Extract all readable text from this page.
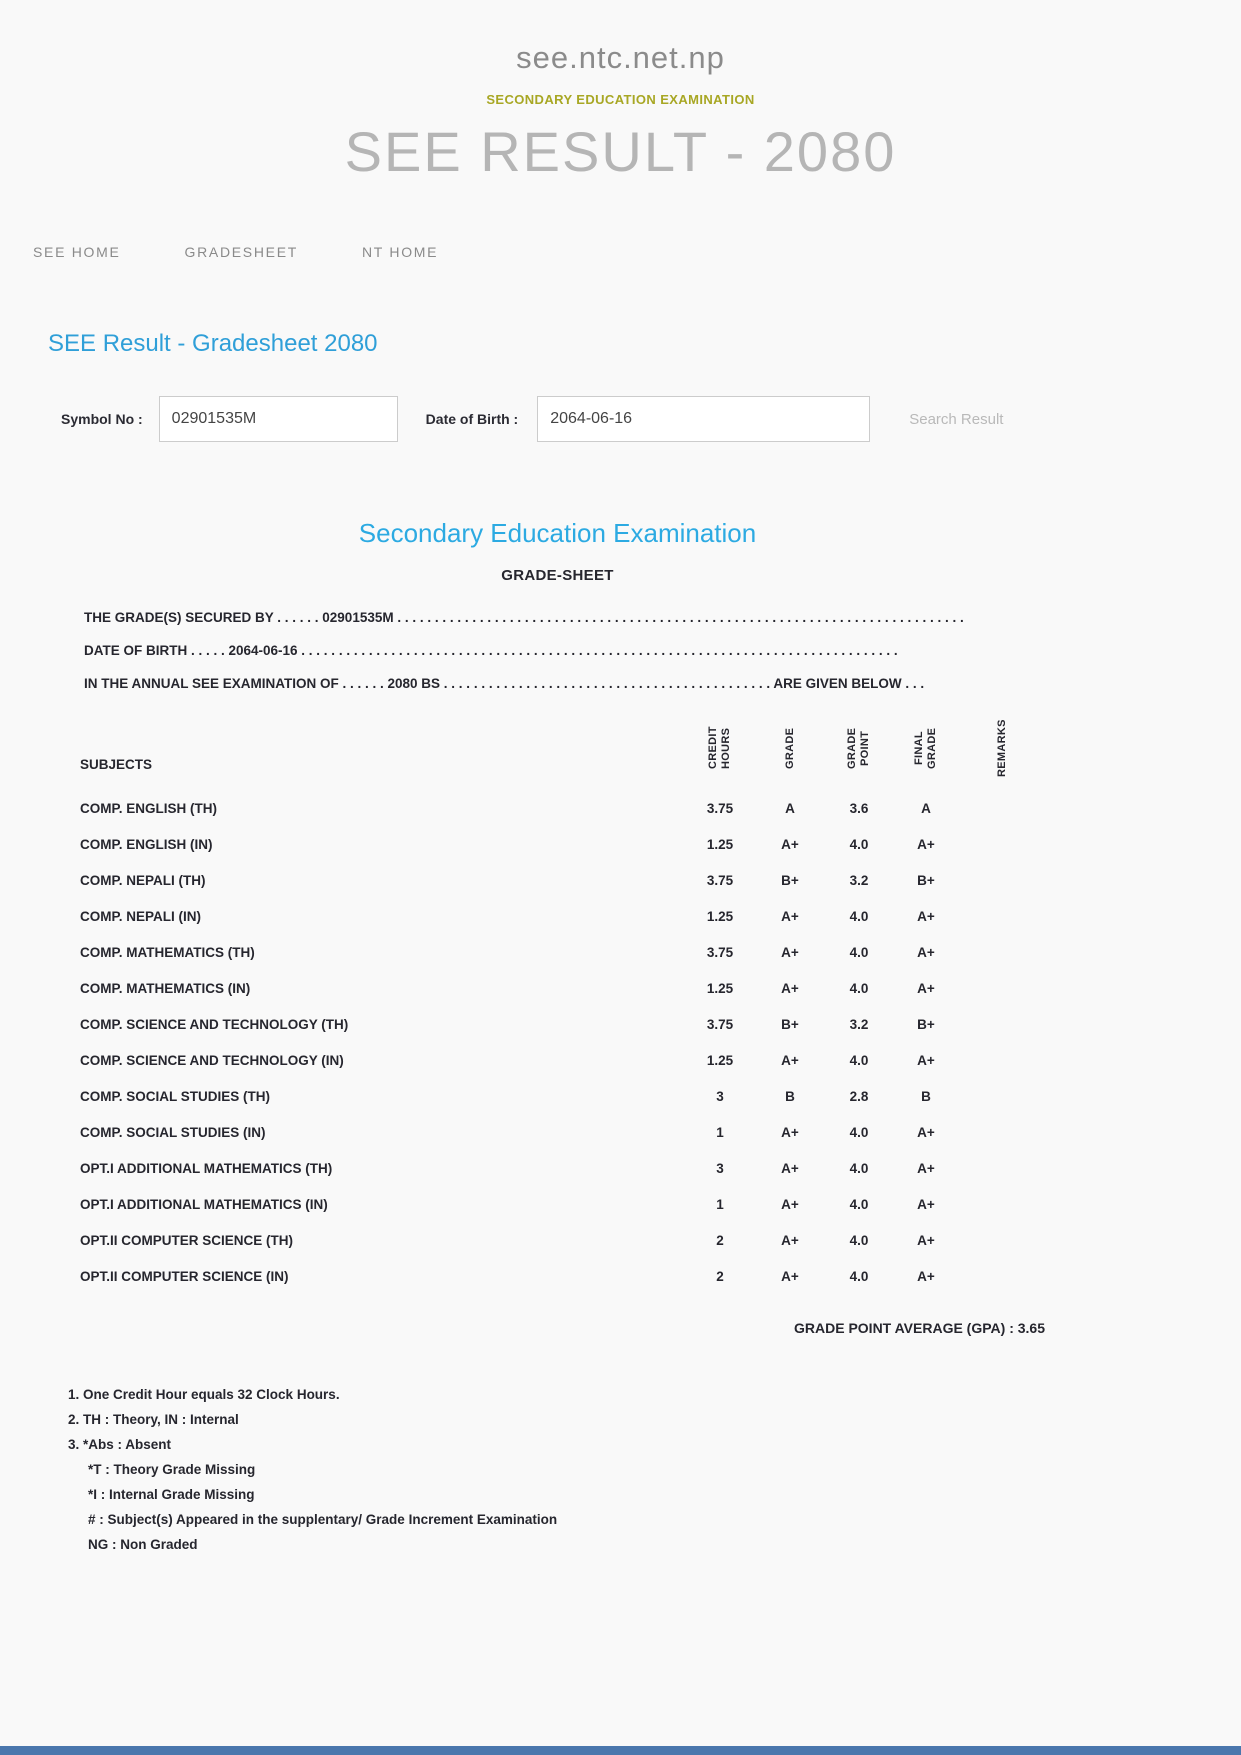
see.ntc.net.np
SECONDARY EDUCATION EXAMINATION
SEE RESULT - 2080
SEE HOME	GRADESHEET	NT HOME
SEE Result - Gradesheet 2080
Symbol No :
02901535M	Date of Birth :
2064-06-16	Search Result
Secondary Education Examination
GRADE-SHEET
THE GRADE(S) SECURED BY . . . . . . 02901535M . . . . . . . . . . . . . . . . . . . . . . . . . . . . . . . . . . . . . . . . . . . . . . . . . . . . . . . . . . . . . . . . . . . . . . . . . . . .
DATE OF BIRTH . . . . . 2064-06-16 . . . . . . . . . . . . . . . . . . . . . . . . . . . . . . . . . . . . . . . . . . . . . . . . . . . . . . . . . . . . . . . . . . . . . . . . . . . . . . . .
IN THE ANNUAL SEE EXAMINATION OF . . . . . . 2080 BS . . . . . . . . . . . . . . . . . . . . . . . . . . . . . . . . . . . . . . . . . . . . ARE GIVEN BELOW . . .
SUBJECTS	CREDIT HOURS	GRADE	GRADE POINT	FINAL GRADE	REMARKS
COMP. ENGLISH (TH)	3.75	A	3.6	A	
COMP. ENGLISH (IN)	1.25	A+	4.0	A+	
COMP. NEPALI (TH)	3.75	B+	3.2	B+	
COMP. NEPALI (IN)	1.25	A+	4.0	A+	
COMP. MATHEMATICS (TH)	3.75	A+	4.0	A+	
COMP. MATHEMATICS (IN)	1.25	A+	4.0	A+	
COMP. SCIENCE AND TECHNOLOGY (TH)	3.75	B+	3.2	B+	
COMP. SCIENCE AND TECHNOLOGY (IN)	1.25	A+	4.0	A+	
COMP. SOCIAL STUDIES (TH)	3	B	2.8	B	
COMP. SOCIAL STUDIES (IN)	1	A+	4.0	A+	
OPT.I ADDITIONAL MATHEMATICS (TH)	3	A+	4.0	A+	
OPT.I ADDITIONAL MATHEMATICS (IN)	1	A+	4.0	A+	
OPT.II COMPUTER SCIENCE (TH)	2	A+	4.0	A+	
OPT.II COMPUTER SCIENCE (IN)	2	A+	4.0	A+	
GRADE POINT AVERAGE (GPA) : 3.65
1. One Credit Hour equals 32 Clock Hours.
2. TH : Theory, IN : Internal
3. *Abs : Absent
*T : Theory Grade Missing
*I : Internal Grade Missing
# : Subject(s) Appeared in the supplentary/ Grade Increment Examination
NG : Non Graded
